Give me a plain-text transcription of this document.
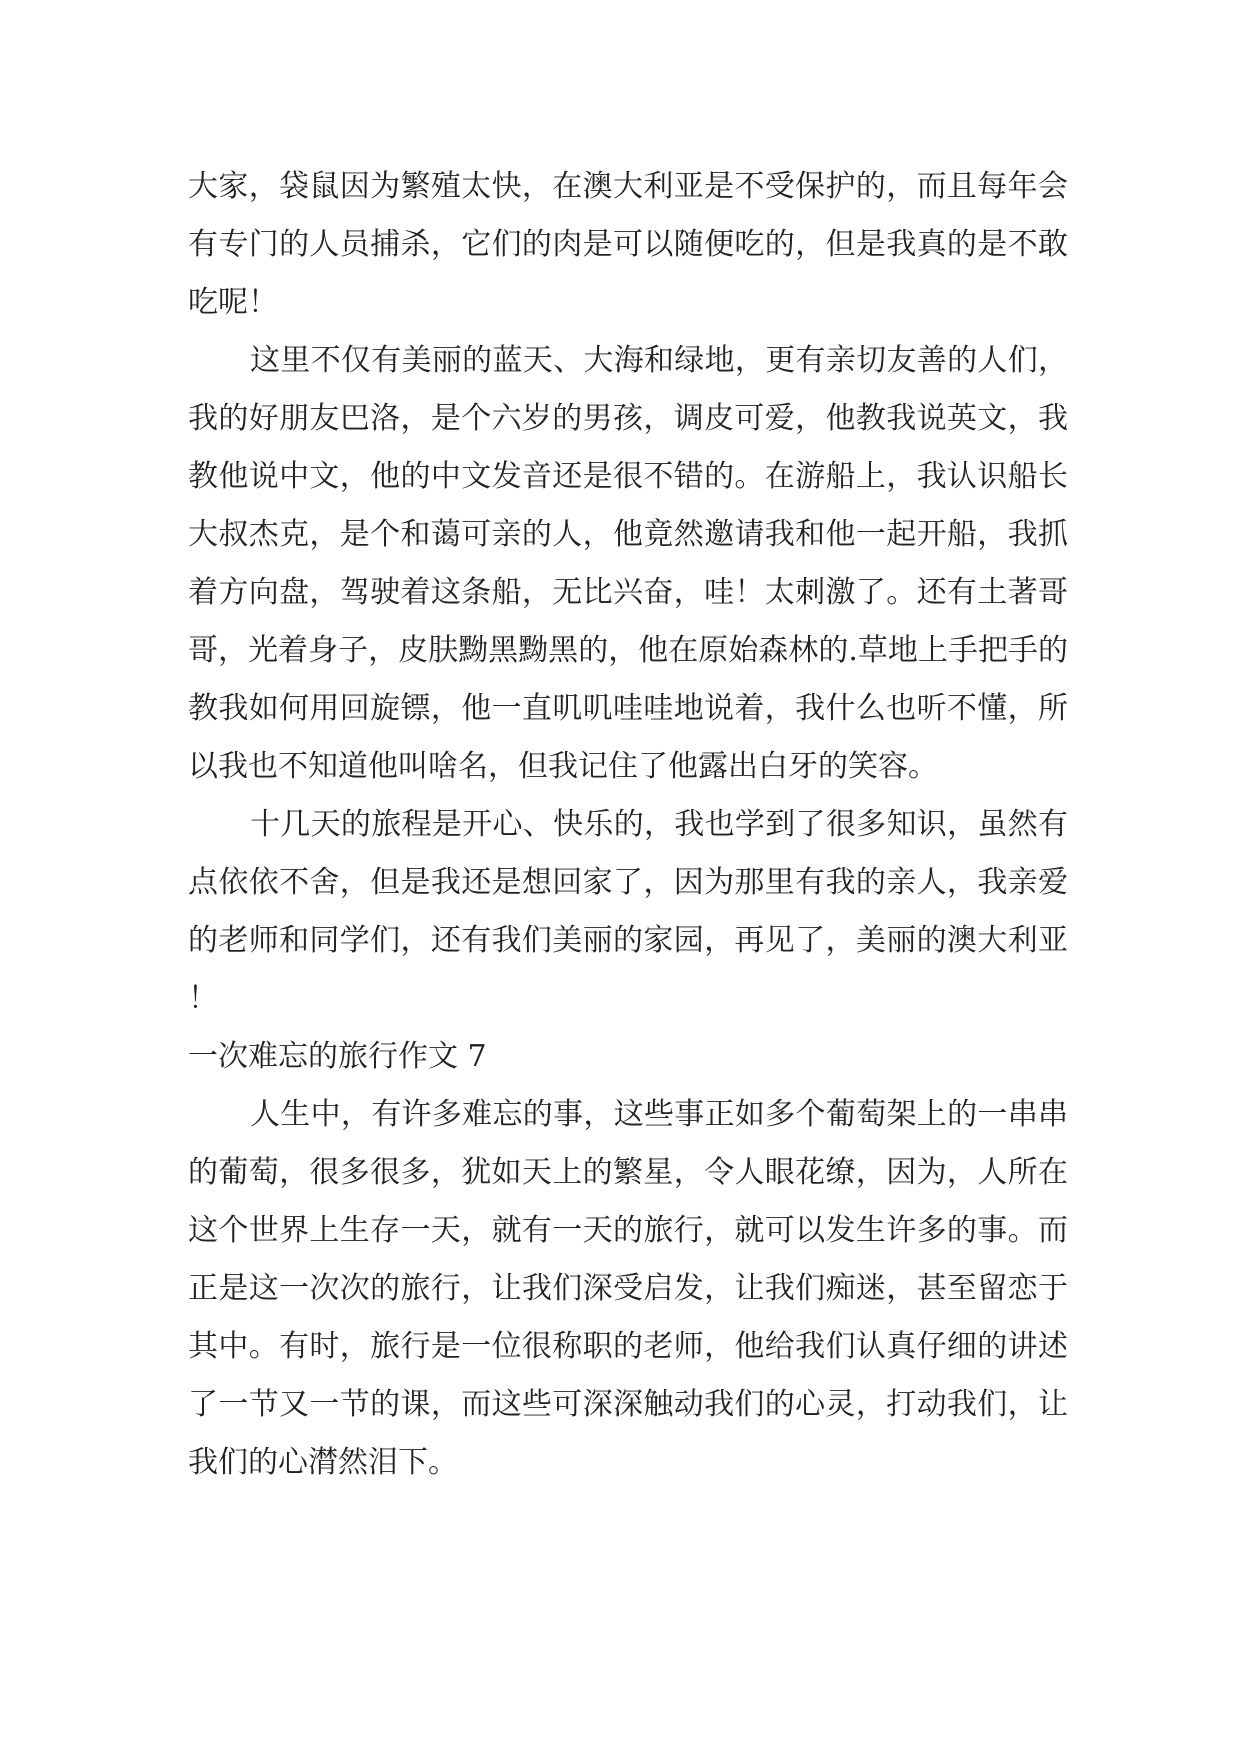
大家，袋鼠因为繁殖太快，在澳大利亚是不受保护的，而且每年会有专门的人员捕杀，它们的肉是可以随便吃的，但是我真的是不敢吃呢！

这里不仅有美丽的蓝天、大海和绿地，更有亲切友善的人们，我的好朋友巴洛，是个六岁的男孩，调皮可爱，他教我说英文，我教他说中文，他的中文发音还是很不错的。在游船上，我认识船长大叔杰克，是个和蔼可亲的人，他竟然邀请我和他一起开船，我抓着方向盘，驾驶着这条船，无比兴奋，哇！太刺激了。还有土著哥哥，光着身子，皮肤黝黑黝黑的，他在原始森林的.草地上手把手的教我如何用回旋镖，他一直叽叽哇哇地说着，我什么也听不懂，所以我也不知道他叫啥名，但我记住了他露出白牙的笑容。

十几天的旅程是开心、快乐的，我也学到了很多知识，虽然有点依依不舍，但是我还是想回家了，因为那里有我的亲人，我亲爱的老师和同学们，还有我们美丽的家园，再见了，美丽的澳大利亚！

一次难忘的旅行作文 7

人生中，有许多难忘的事，这些事正如多个葡萄架上的一串串的葡萄，很多很多，犹如天上的繁星，令人眼花缭，因为，人所在这个世界上生存一天，就有一天的旅行，就可以发生许多的事。而正是这一次次的旅行，让我们深受启发，让我们痴迷，甚至留恋于其中。有时，旅行是一位很称职的老师，他给我们认真仔细的讲述了一节又一节的课，而这些可深深触动我们的心灵，打动我们，让我们的心潸然泪下。
